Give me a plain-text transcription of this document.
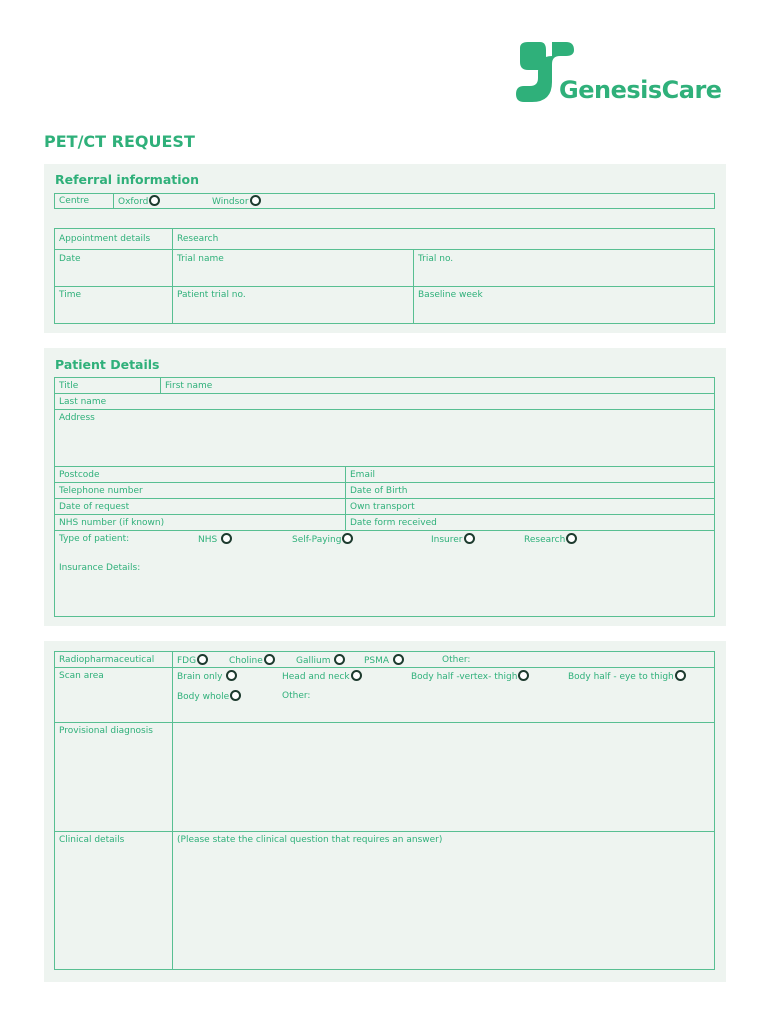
GenesisCare
PET/CT REQUEST
Referral information
Centre	Oxford	Windsor
Appointment details	Research
Date	Trial name	Trial no.
Time	Patient trial no.	Baseline week
Patient Details
Title	First name
Last name
Address
Postcode	Email
Telephone number	Date of Birth
Date of request	Own transport
NHS number (if known)	Date form received
Type of patient:	NHS	Self-Paying	Insurer	Research
Insurance Details:
Radiopharmaceutical	FDG	Choline	Gallium	PSMA	Other:
Scan area	Brain only	Head and neck	Body half -vertex- thigh	Body half - eye to thigh
Body whole	Other:
Provisional diagnosis
Clinical details	(Please state the clinical question that requires an answer)
